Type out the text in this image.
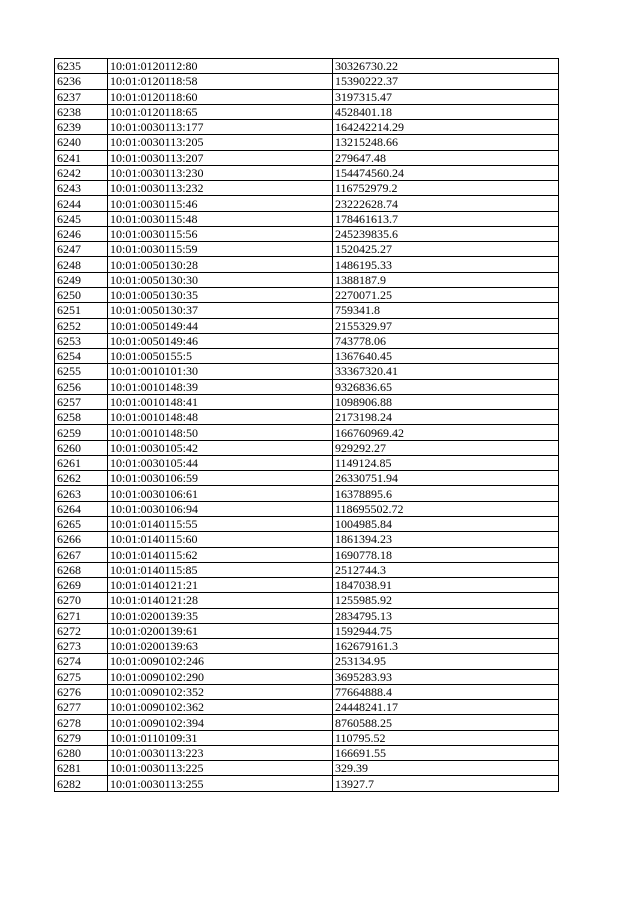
6235	10:01:0120112:80	30326730.22
6236	10:01:0120118:58	15390222.37
6237	10:01:0120118:60	3197315.47
6238	10:01:0120118:65	4528401.18
6239	10:01:0030113:177	164242214.29
6240	10:01:0030113:205	13215248.66
6241	10:01:0030113:207	279647.48
6242	10:01:0030113:230	154474560.24
6243	10:01:0030113:232	116752979.2
6244	10:01:0030115:46	23222628.74
6245	10:01:0030115:48	178461613.7
6246	10:01:0030115:56	245239835.6
6247	10:01:0030115:59	1520425.27
6248	10:01:0050130:28	1486195.33
6249	10:01:0050130:30	1388187.9
6250	10:01:0050130:35	2270071.25
6251	10:01:0050130:37	759341.8
6252	10:01:0050149:44	2155329.97
6253	10:01:0050149:46	743778.06
6254	10:01:0050155:5	1367640.45
6255	10:01:0010101:30	33367320.41
6256	10:01:0010148:39	9326836.65
6257	10:01:0010148:41	1098906.88
6258	10:01:0010148:48	2173198.24
6259	10:01:0010148:50	166760969.42
6260	10:01:0030105:42	929292.27
6261	10:01:0030105:44	1149124.85
6262	10:01:0030106:59	26330751.94
6263	10:01:0030106:61	16378895.6
6264	10:01:0030106:94	118695502.72
6265	10:01:0140115:55	1004985.84
6266	10:01:0140115:60	1861394.23
6267	10:01:0140115:62	1690778.18
6268	10:01:0140115:85	2512744.3
6269	10:01:0140121:21	1847038.91
6270	10:01:0140121:28	1255985.92
6271	10:01:0200139:35	2834795.13
6272	10:01:0200139:61	1592944.75
6273	10:01:0200139:63	162679161.3
6274	10:01:0090102:246	253134.95
6275	10:01:0090102:290	3695283.93
6276	10:01:0090102:352	77664888.4
6277	10:01:0090102:362	24448241.17
6278	10:01:0090102:394	8760588.25
6279	10:01:0110109:31	110795.52
6280	10:01:0030113:223	166691.55
6281	10:01:0030113:225	329.39
6282	10:01:0030113:255	13927.7
